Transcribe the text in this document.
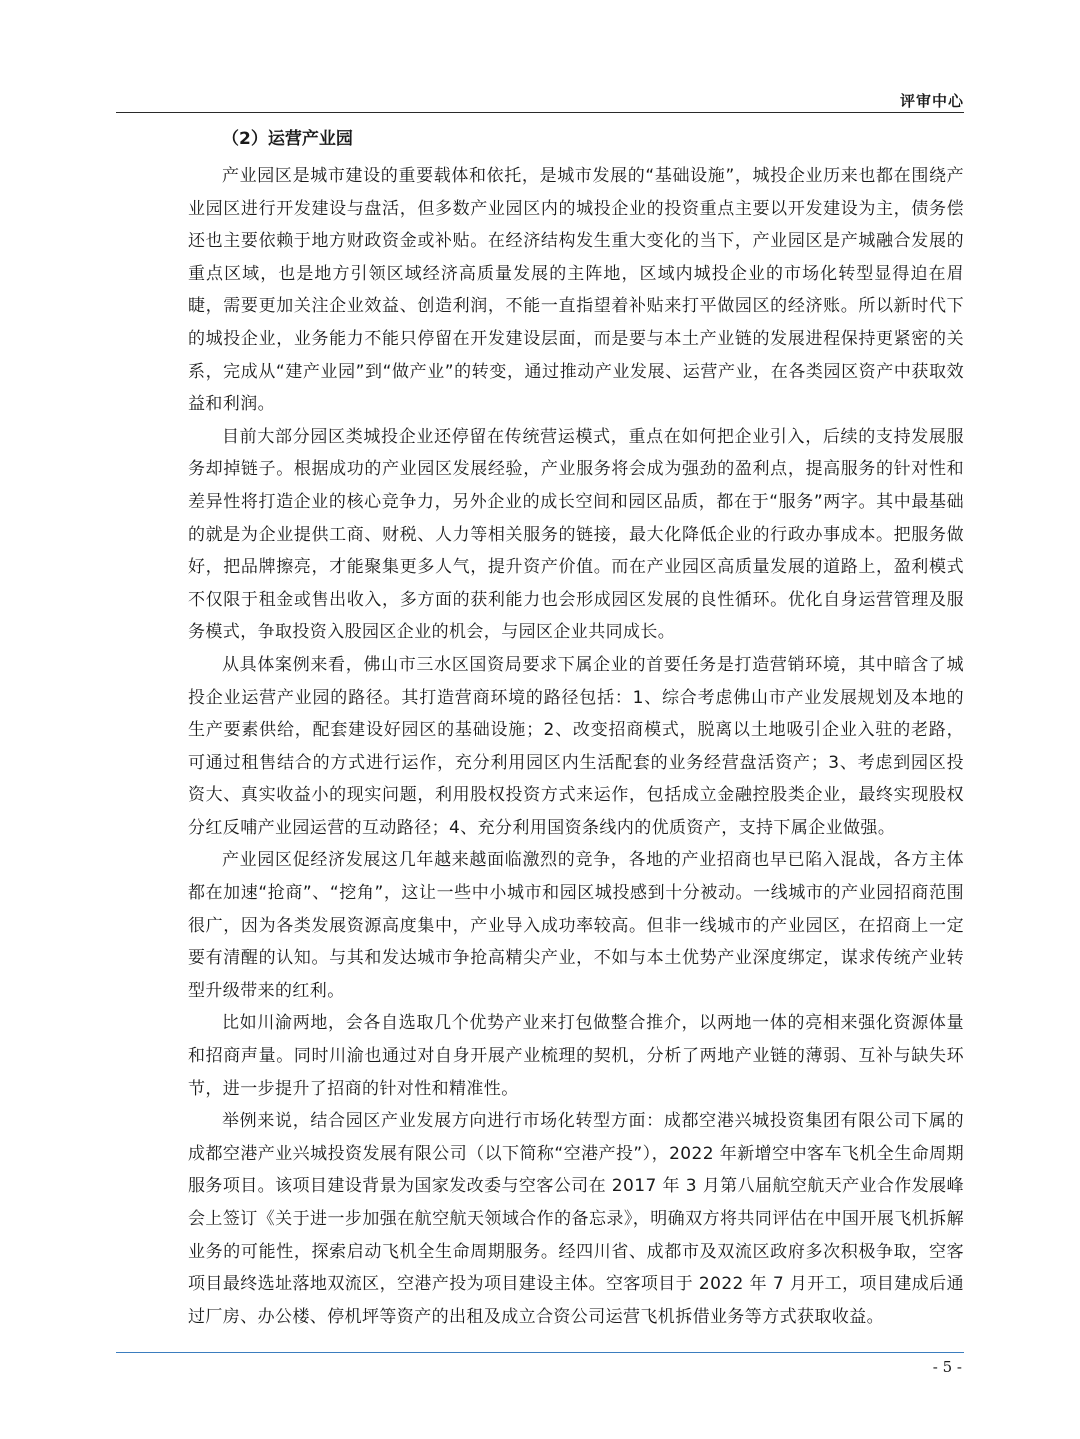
评审中心
（2）运营产业园

产业园区是城市建设的重要载体和依托，是城市发展的“基础设施”，城投企业历来也都在围绕产业园区进行开发建设与盘活，但多数产业园区内的城投企业的投资重点主要以开发建设为主，债务偿还也主要依赖于地方财政资金或补贴。在经济结构发生重大变化的当下，产业园区是产城融合发展的重点区域，也是地方引领区域经济高质量发展的主阵地，区域内城投企业的市场化转型显得迫在眉睫，需要更加关注企业效益、创造利润，不能一直指望着补贴来打平做园区的经济账。所以新时代下的城投企业，业务能力不能只停留在开发建设层面，而是要与本土产业链的发展进程保持更紧密的关系，完成从“建产业园”到“做产业”的转变，通过推动产业发展、运营产业，在各类园区资产中获取效益和利润。

目前大部分园区类城投企业还停留在传统营运模式，重点在如何把企业引入，后续的支持发展服务却掉链子。根据成功的产业园区发展经验，产业服务将会成为强劲的盈利点，提高服务的针对性和差异性将打造企业的核心竞争力，另外企业的成长空间和园区品质，都在于“服务”两字。其中最基础的就是为企业提供工商、财税、人力等相关服务的链接，最大化降低企业的行政办事成本。把服务做好，把品牌擦亮，才能聚集更多人气，提升资产价值。而在产业园区高质量发展的道路上，盈利模式不仅限于租金或售出收入，多方面的获利能力也会形成园区发展的良性循环。优化自身运营管理及服务模式，争取投资入股园区企业的机会，与园区企业共同成长。

从具体案例来看，佛山市三水区国资局要求下属企业的首要任务是打造营销环境，其中暗含了城投企业运营产业园的路径。其打造营商环境的路径包括：1、综合考虑佛山市产业发展规划及本地的生产要素供给，配套建设好园区的基础设施；2、改变招商模式，脱离以土地吸引企业入驻的老路，可通过租售结合的方式进行运作，充分利用园区内生活配套的业务经营盘活资产；3、考虑到园区投资大、真实收益小的现实问题，利用股权投资方式来运作，包括成立金融控股类企业，最终实现股权分红反哺产业园运营的互动路径；4、充分利用国资条线内的优质资产，支持下属企业做强。

产业园区促经济发展这几年越来越面临激烈的竞争，各地的产业招商也早已陷入混战，各方主体都在加速“抢商”、“挖角”，这让一些中小城市和园区城投感到十分被动。一线城市的产业园招商范围很广，因为各类发展资源高度集中，产业导入成功率较高。但非一线城市的产业园区，在招商上一定要有清醒的认知。与其和发达城市争抢高精尖产业，不如与本土优势产业深度绑定，谋求传统产业转型升级带来的红利。

比如川渝两地，会各自选取几个优势产业来打包做整合推介，以两地一体的亮相来强化资源体量和招商声量。同时川渝也通过对自身开展产业梳理的契机，分析了两地产业链的薄弱、互补与缺失环节，进一步提升了招商的针对性和精准性。

举例来说，结合园区产业发展方向进行市场化转型方面：成都空港兴城投资集团有限公司下属的成都空港产业兴城投资发展有限公司（以下简称“空港产投”），2022 年新增空中客车飞机全生命周期服务项目。该项目建设背景为国家发改委与空客公司在 2017 年 3 月第八届航空航天产业合作发展峰会上签订《关于进一步加强在航空航天领域合作的备忘录》，明确双方将共同评估在中国开展飞机拆解业务的可能性，探索启动飞机全生命周期服务。经四川省、成都市及双流区政府多次积极争取，空客项目最终选址落地双流区，空港产投为项目建设主体。空客项目于 2022 年 7 月开工，项目建成后通过厂房、办公楼、停机坪等资产的出租及成立合资公司运营飞机拆借业务等方式获取收益。

- 5 -
